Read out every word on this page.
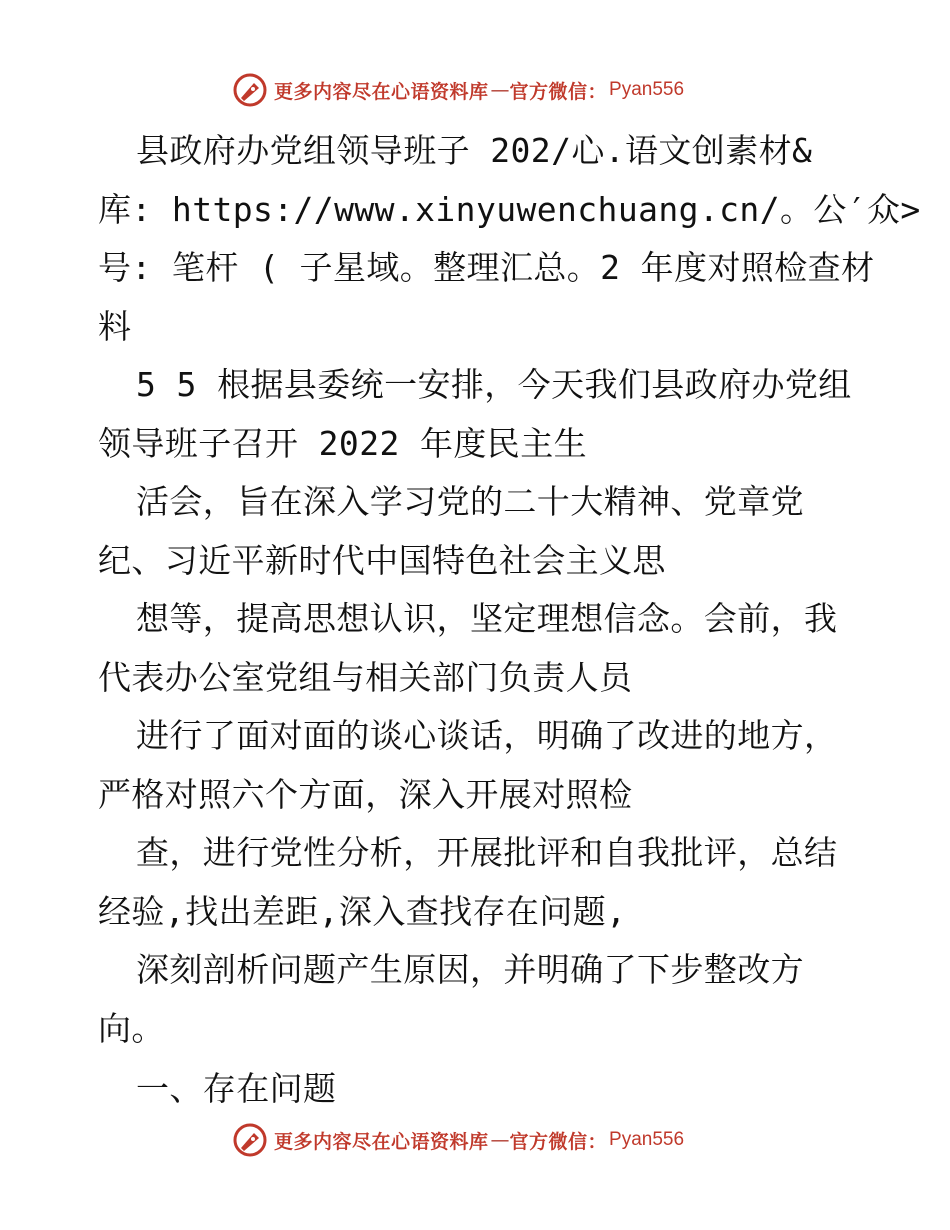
更多内容尽在心语资料库 — 官方微信： Pyan556
县政府办党组领导班子 202/心.语文创素材&
库: https://www.xinyuwenchuang.cn/。公′众>
号: 笔杆 ( 子星域。整理汇总。2 年度对照检查材
料
5 5 根据县委统一安排，今天我们县政府办党组
领导班子召开 2022 年度民主生
活会，旨在深入学习党的二十大精神、党章党
纪、习近平新时代中国特色社会主义思
想等，提高思想认识，坚定理想信念。会前，我
代表办公室党组与相关部门负责人员
进行了面对面的谈心谈话，明确了改进的地方，
严格对照六个方面，深入开展对照检
查，进行党性分析，开展批评和自我批评，总结
经验,找出差距,深入查找存在问题,
深刻剖析问题产生原因，并明确了下步整改方
向。
一、存在问题
更多内容尽在心语资料库 — 官方微信： Pyan556
